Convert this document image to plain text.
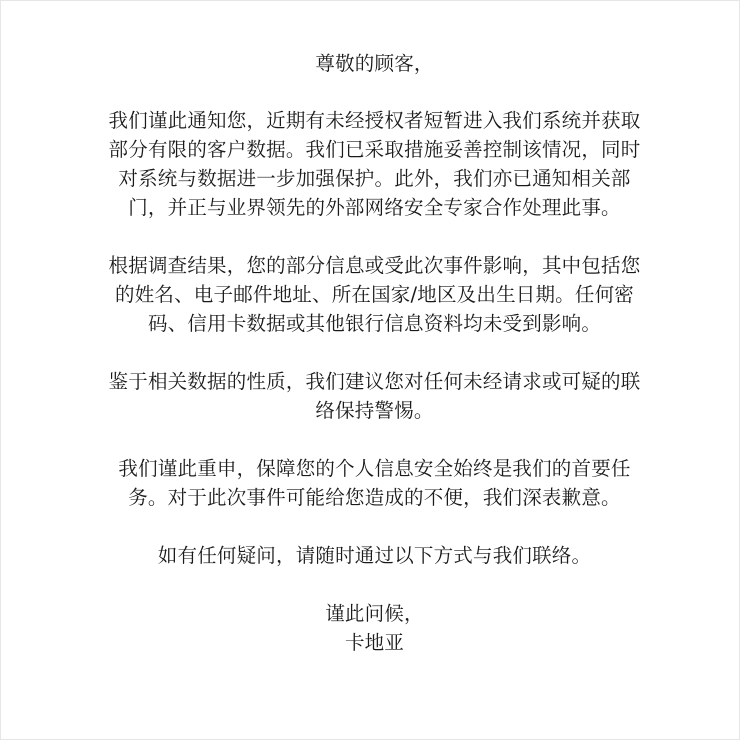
尊敬的顾客，

我们谨此通知您，近期有未经授权者短暂进入我们系统并获取
部分有限的客户数据。我们已采取措施妥善控制该情况，同时
对系统与数据进一步加强保护。此外，我们亦已通知相关部
门，并正与业界领先的外部网络安全专家合作处理此事。

根据调查结果，您的部分信息或受此次事件影响，其中包括您
的姓名、电子邮件地址、所在国家/地区及出生日期。任何密
码、信用卡数据或其他银行信息资料均未受到影响。

鉴于相关数据的性质，我们建议您对任何未经请求或可疑的联
络保持警惕。

我们谨此重申，保障您的个人信息安全始终是我们的首要任
务。对于此次事件可能给您造成的不便，我们深表歉意。

如有任何疑问，请随时通过以下方式与我们联络。

谨此问候，
卡地亚
